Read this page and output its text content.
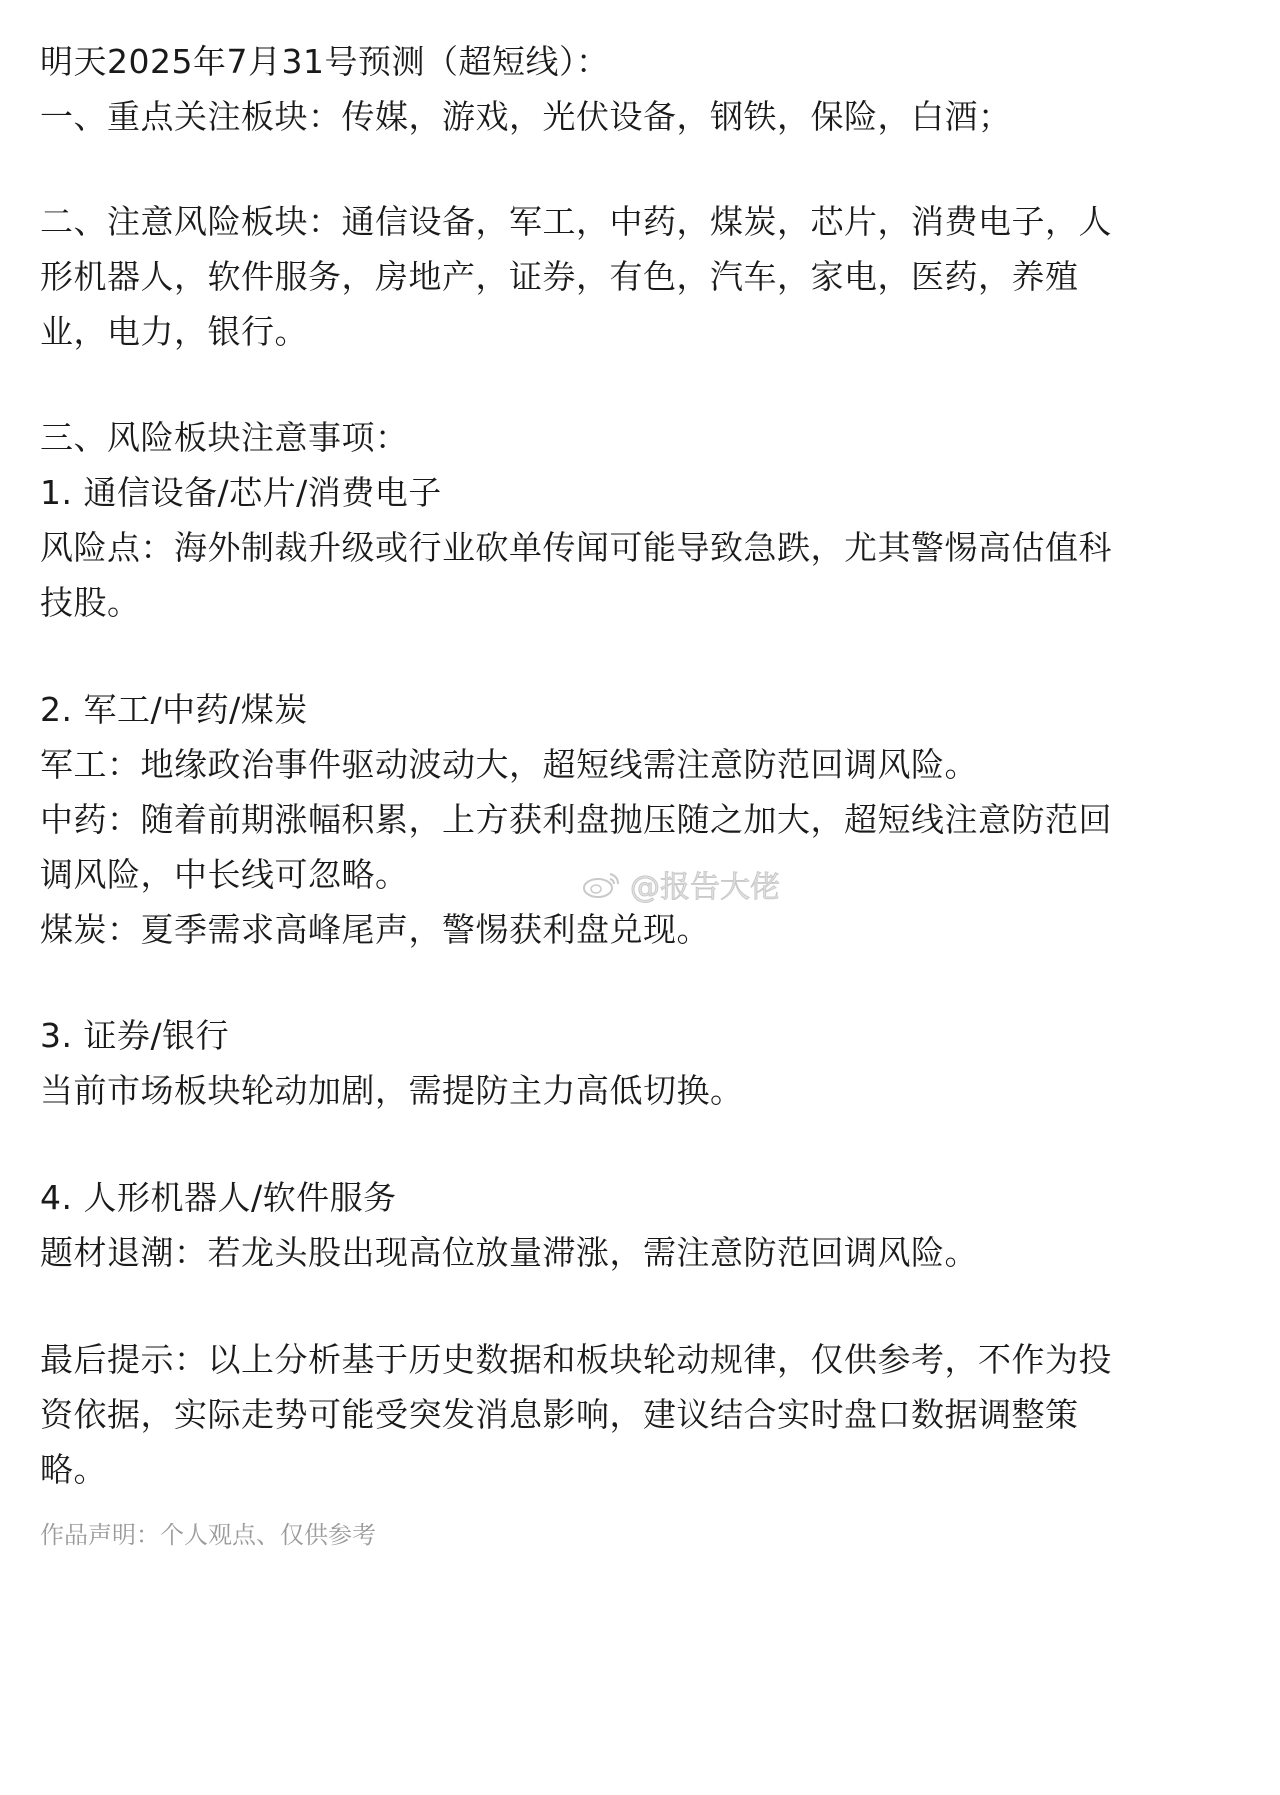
明天2025年7月31号预测（超短线）：
一、重点关注板块：传媒，游戏，光伏设备，钢铁，保险，白酒；
二、注意风险板块：通信设备，军工，中药，煤炭，芯片，消费电子，人
形机器人，软件服务，房地产，证券，有色，汽车，家电，医药，养殖
业，电力，银行。
三、风险板块注意事项：
1. 通信设备/芯片/消费电子
风险点：海外制裁升级或行业砍单传闻可能导致急跌，尤其警惕高估值科
技股。
2. 军工/中药/煤炭
军工：地缘政治事件驱动波动大，超短线需注意防范回调风险。
中药：随着前期涨幅积累，上方获利盘抛压随之加大，超短线注意防范回
调风险，中长线可忽略。
煤炭：夏季需求高峰尾声，警惕获利盘兑现。
3. 证券/银行
当前市场板块轮动加剧，需提防主力高低切换。
4. 人形机器人/软件服务
题材退潮：若龙头股出现高位放量滞涨，需注意防范回调风险。
最后提示：以上分析基于历史数据和板块轮动规律，仅供参考，不作为投
资依据，实际走势可能受突发消息影响，建议结合实时盘口数据调整策
略。
作品声明：个人观点、仅供参考
@报告大佬
